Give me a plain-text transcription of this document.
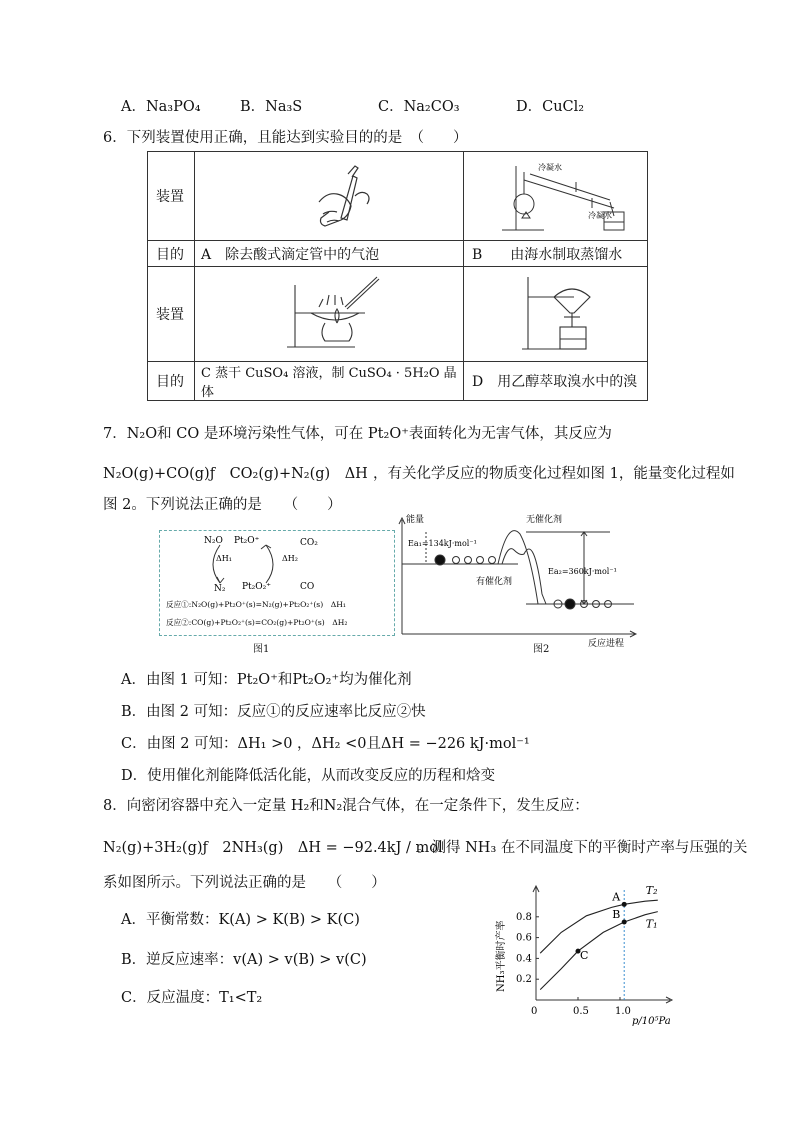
A．Na₃PO₄	B．Na₃S	C．Na₂CO₃	D．CuCl₂
6．下列装置使用正确，且能达到实验目的的是　（　　）
装置		冷凝水
冷凝水

目的	A　除去酸式滴定管中的气泡	B　　由海水制取蒸馏水
装置		
目的	C 蒸干 CuSO₄ 溶液，制 CuSO₄ · 5H₂O 晶体	D　用乙醇萃取溴水中的溴
7．N₂O和 CO 是环境污染性气体，可在 Pt₂O⁺表面转化为无害气体，其反应为
N₂O(g)+CO(g)ƒ　CO₂(g)+N₂(g)　ΔH ，有关化学反应的物质变化过程如图 1，能量变化过程如
图 2。下列说法正确的是　　（　　）
N₂O Pt₂O⁺	CO₂
ΔH₁	ΔH₂
N₂ Pt₂O₂⁺	CO
反应①:N₂O(g)+Pt₂O⁺(s)=N₂(g)+Pt₂O₂⁺(s)　ΔH₁
反应②:CO(g)+Pt₂O₂⁺(s)=CO₂(g)+Pt₂O⁺(s)　ΔH₂
图1
能量	无催化剂
Ea₁=134kJ·mol⁻¹
有催化剂
Ea₂=360kJ·mol⁻¹
反应进程
图2
A．由图 1 可知：Pt₂O⁺和Pt₂O₂⁺均为催化剂
B．由图 2 可知：反应①的反应速率比反应②快
C．由图 2 可知：ΔH₁ >0 ，ΔH₂ <0且ΔH = −226 kJ·mol⁻¹
D．使用催化剂能降低活化能，从而改变反应的历程和焓变
8．向密闭容器中充入一定量 H₂和N₂混合气体，在一定条件下，发生反应：
N₂(g)+3H₂(g)ƒ　2NH₃(g)　ΔH = −92.4kJ / mol
。测得 NH₃ 在不同温度下的平衡时产率与压强的关
系如图所示。下列说法正确的是　　（　　）
A．平衡常数：K(A) > K(B) > K(C)
B．逆反应速率：v(A) > v(B) > v(C)
C．反应温度：T₁<T₂
0	0.5	1.0
0.2
0.4
0.6
0.8
p/10⁵Pa
NH₃平衡时产率
T₂
T₁
A
B
C
